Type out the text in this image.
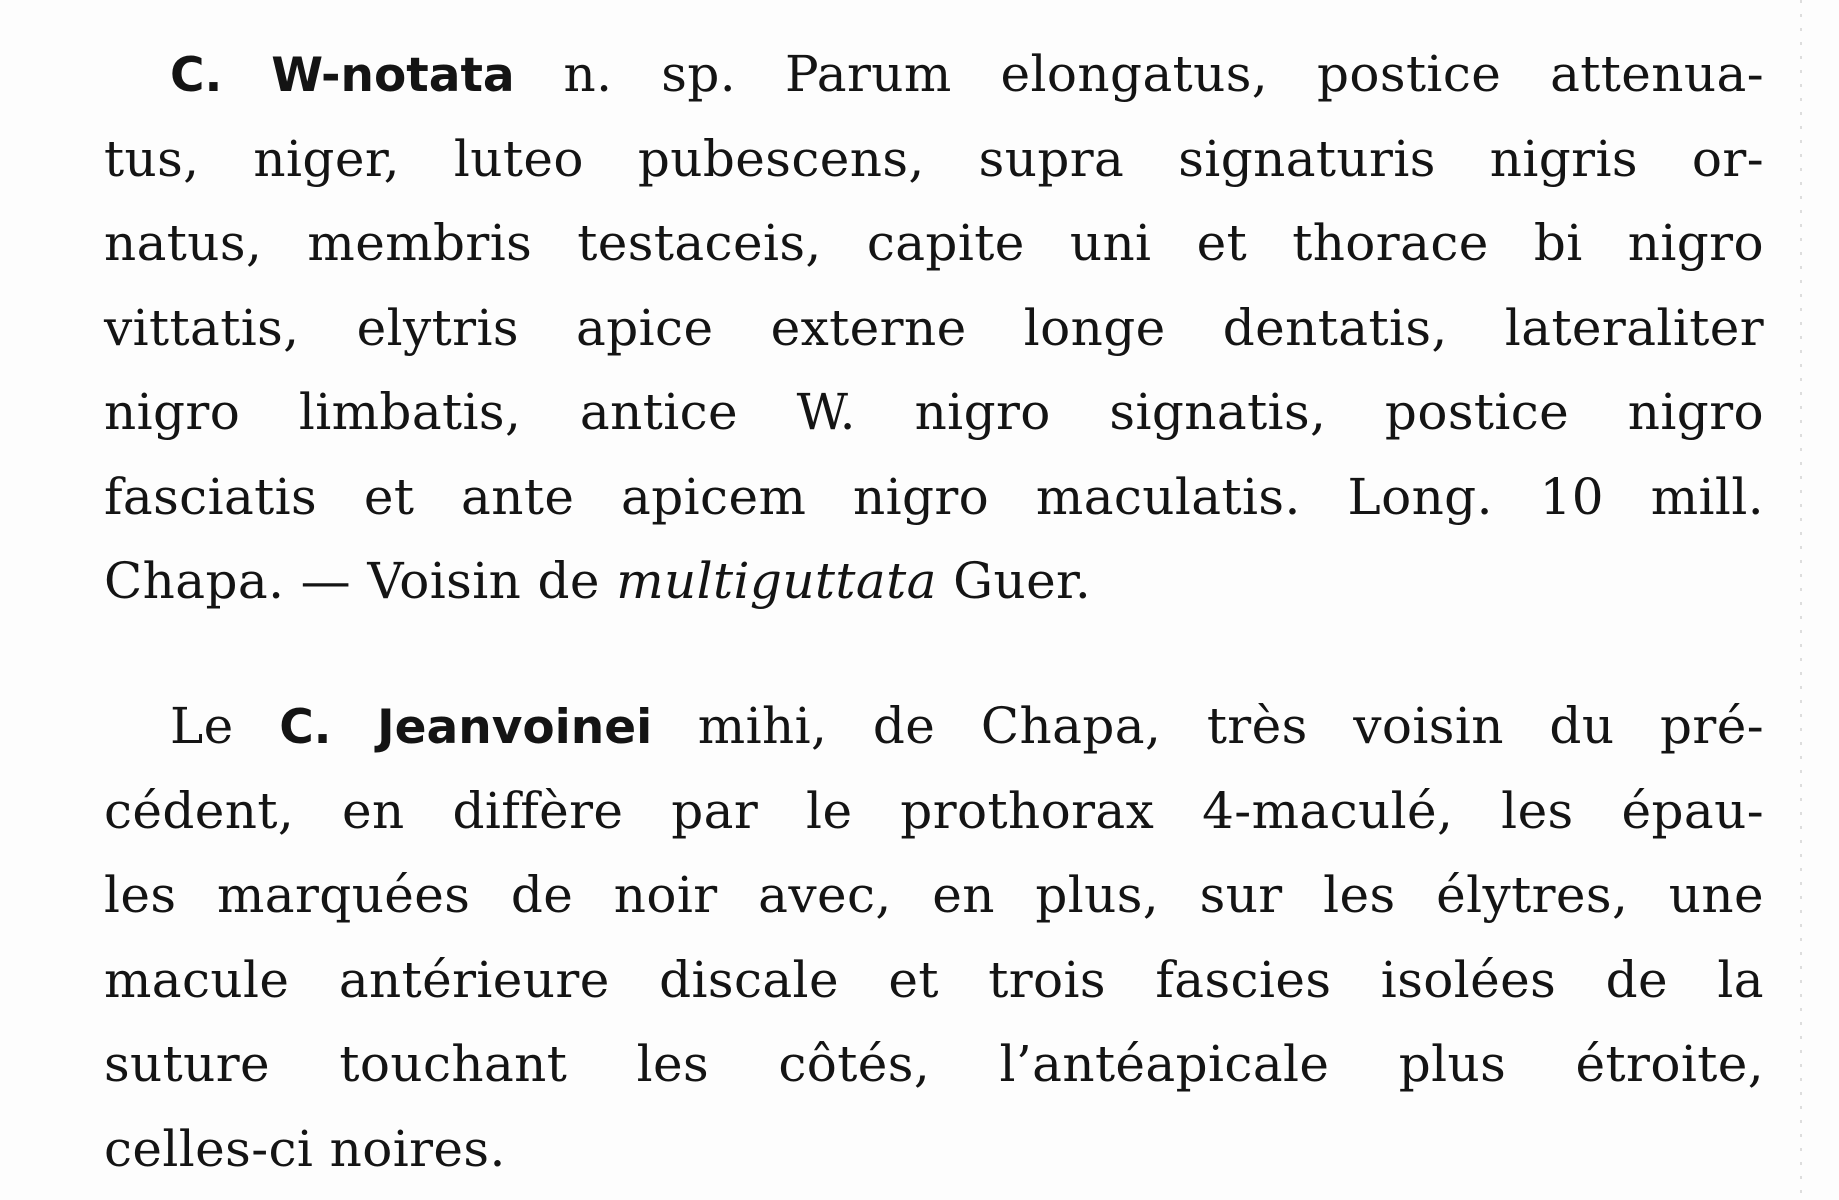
C. W-notata n. sp. Parum elongatus, postice attenua-
tus, niger, luteo pubescens, supra signaturis nigris or-
natus, membris testaceis, capite uni et thorace bi nigro
vittatis, elytris apice externe longe dentatis, lateraliter
nigro limbatis, antice W. nigro signatis, postice nigro
fasciatis et ante apicem nigro maculatis. Long. 10 mill.
Chapa. — Voisin de multiguttata Guer.
Le C. Jeanvoinei mihi, de Chapa, très voisin du pré-
cédent, en diffère par le prothorax 4-maculé, les épau-
les marquées de noir avec, en plus, sur les élytres, une
macule antérieure discale et trois fascies isolées de la
suture touchant les côtés, l’antéapicale plus étroite,
celles-ci noires.
